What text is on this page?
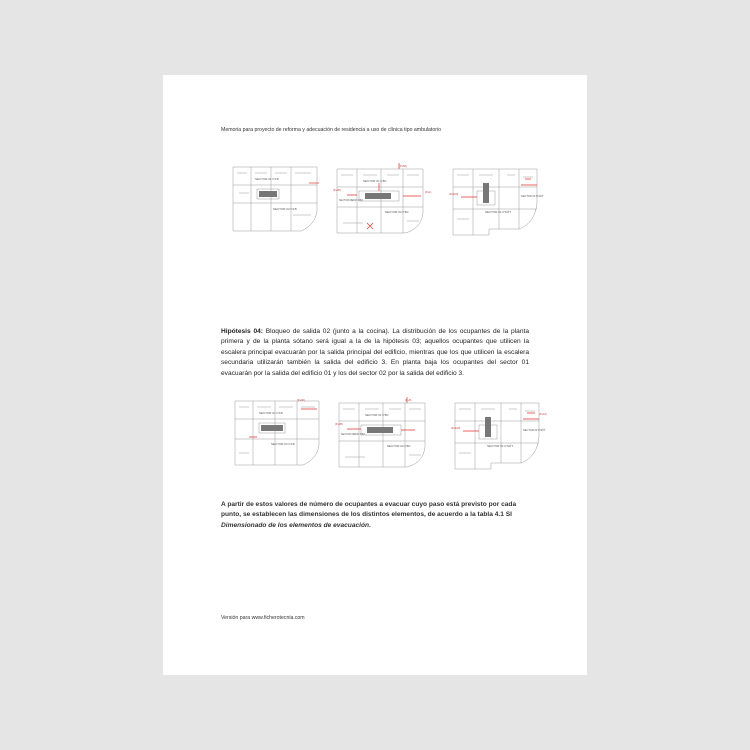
Memoria para proyecto de reforma y adecuación de residencia a uso de clínica tipo ambulatorio
SECTOR 01 P.1B
SECTOR 02 P.1B
SECTOR 01 P.BJ
SECTOR 02 P.BJ
SECTOR MEDIO P.BJ
(P+35)
(P+66)
(P+1)
SECTOR 01 P.SÓT
SECTOR 02 P.SÓT
(P+100)

Hipótesis 04: Bloqueo de salida 02 (junto a la cocina). La distribución de los ocupantes de la planta primera y de la planta sótano será igual a la de la hipótesis 03; aquellos ocupantes que utilicen la escalera principal evacuarán por la salida principal del edificio, mientras que los que utilicen la escalera secundaria utilizarán también la salida del edificio 3. En planta baja los ocupantes del sector 01 evacuarán por la salida del edificio 01 y los del sector 02 por la salida del edificio 3.

SECTOR 01 P.1B
SECTOR 02 P.1B
(P+60)
SECTOR 01 P.BJ
SECTOR 02 P.BJ
SECTOR MEDIO P.BJ
(P+35)
(P+5)
SECTOR 01 P.SÓT
SECTOR 02 P.SÓT
(P+100)
(P+12)

A partir de estos valores de número de ocupantes a evacuar cuyo paso está previsto por cada punto, se establecen las dimensiones de los distintos elementos, de acuerdo a la tabla 4.1 SI Dimensionado de los elementos de evacuación.

Versión para www.ficherotecnia.com
